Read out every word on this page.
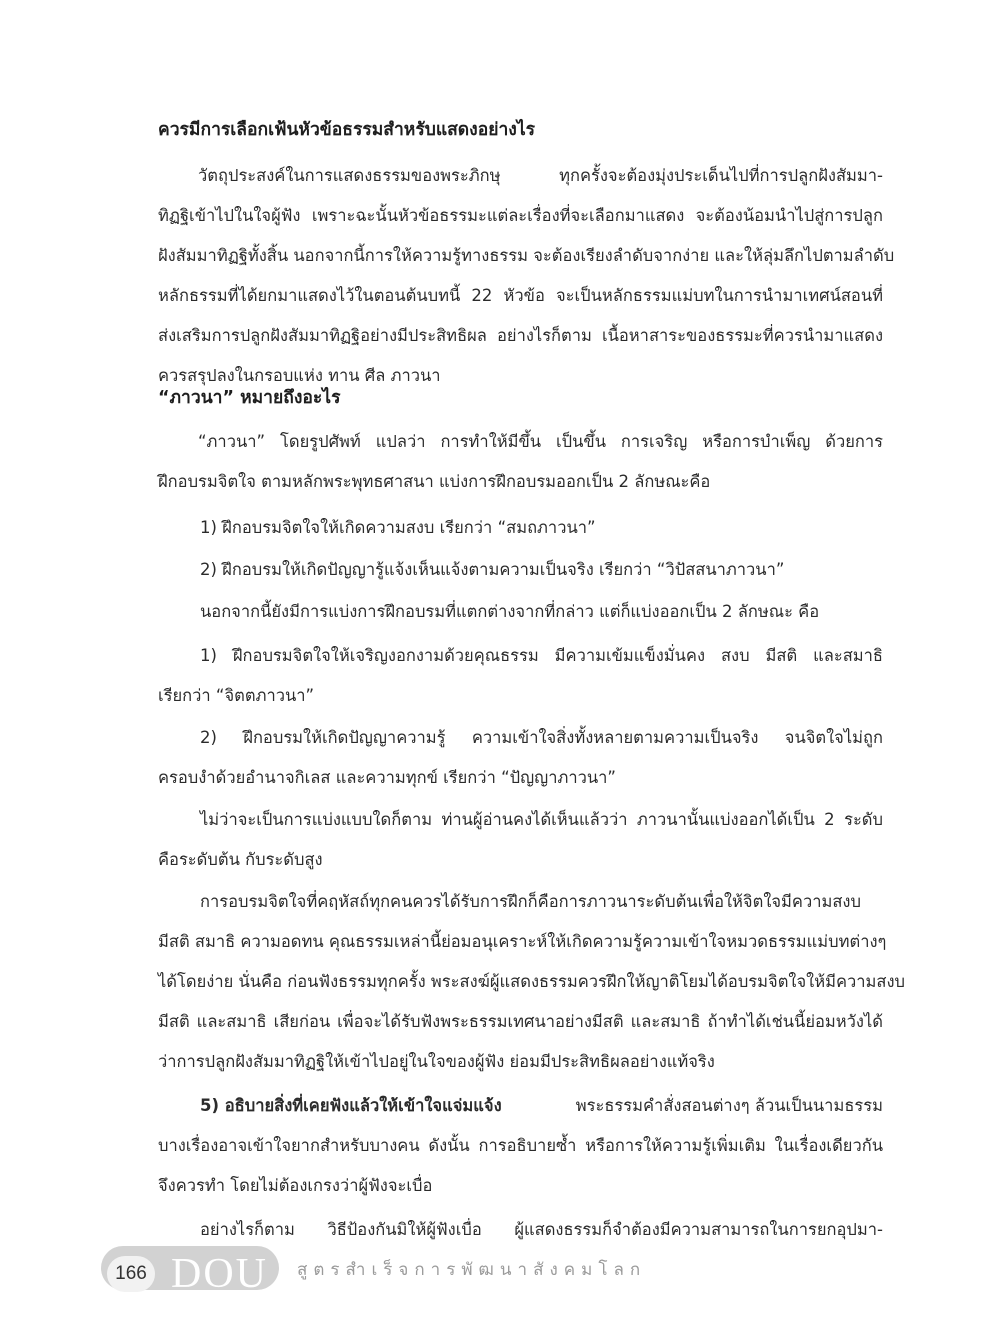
ควรมีการเลือกเฟ้นหัวข้อธรรมสำหรับแสดงอย่างไร
วัตถุประสงค์ในการแสดงธรรมของพระภิกษุ ทุกครั้งจะต้องมุ่งประเด็นไปที่การปลูกฝังสัมมา-
ทิฏฐิเข้าไปในใจผู้ฟัง เพราะฉะนั้นหัวข้อธรรมะแต่ละเรื่องที่จะเลือกมาแสดง จะต้องน้อมนำไปสู่การปลูก
ฝังสัมมาทิฏฐิทั้งสิ้น นอกจากนี้การให้ความรู้ทางธรรม จะต้องเรียงลำดับจากง่าย และให้ลุ่มลึกไปตามลำดับ
หลักธรรมที่ได้ยกมาแสดงไว้ในตอนต้นบทนี้ 22 หัวข้อ จะเป็นหลักธรรมแม่บทในการนำมาเทศน์สอนที่
ส่งเสริมการปลูกฝังสัมมาทิฏฐิอย่างมีประสิทธิผล อย่างไรก็ตาม เนื้อหาสาระของธรรมะที่ควรนำมาแสดง
ควรสรุปลงในกรอบแห่ง ทาน ศีล ภาวนา
“ภาวนา” หมายถึงอะไร
“ภาวนา” โดยรูปศัพท์ แปลว่า การทำให้มีขึ้น เป็นขึ้น การเจริญ หรือการบำเพ็ญ ด้วยการ
ฝึกอบรมจิตใจ ตามหลักพระพุทธศาสนา แบ่งการฝึกอบรมออกเป็น 2 ลักษณะคือ
1) ฝึกอบรมจิตใจให้เกิดความสงบ เรียกว่า “สมถภาวนา”
2) ฝึกอบรมให้เกิดปัญญารู้แจ้งเห็นแจ้งตามความเป็นจริง เรียกว่า “วิปัสสนาภาวนา”
นอกจากนี้ยังมีการแบ่งการฝึกอบรมที่แตกต่างจากที่กล่าว แต่ก็แบ่งออกเป็น 2 ลักษณะ คือ
1) ฝึกอบรมจิตใจให้เจริญงอกงามด้วยคุณธรรม มีความเข้มแข็งมั่นคง สงบ มีสติ และสมาธิ
เรียกว่า “จิตตภาวนา”
2) ฝึกอบรมให้เกิดปัญญาความรู้ ความเข้าใจสิ่งทั้งหลายตามความเป็นจริง จนจิตใจไม่ถูก
ครอบงำด้วยอำนาจกิเลส และความทุกข์ เรียกว่า “ปัญญาภาวนา”
ไม่ว่าจะเป็นการแบ่งแบบใดก็ตาม ท่านผู้อ่านคงได้เห็นแล้วว่า ภาวนานั้นแบ่งออกได้เป็น 2 ระดับ
คือระดับต้น กับระดับสูง
การอบรมจิตใจที่คฤหัสถ์ทุกคนควรได้รับการฝึกก็คือการภาวนาระดับต้นเพื่อให้จิตใจมีความสงบ
มีสติ สมาธิ ความอดทน คุณธรรมเหล่านี้ย่อมอนุเคราะห์ให้เกิดความรู้ความเข้าใจหมวดธรรมแม่บทต่างๆ
ได้โดยง่าย นั่นคือ ก่อนฟังธรรมทุกครั้ง พระสงฆ์ผู้แสดงธรรมควรฝึกให้ญาติโยมได้อบรมจิตใจให้มีความสงบ
มีสติ และสมาธิ เสียก่อน เพื่อจะได้รับฟังพระธรรมเทศนาอย่างมีสติ และสมาธิ ถ้าทำได้เช่นนี้ย่อมหวังได้
ว่าการปลูกฝังสัมมาทิฏฐิให้เข้าไปอยู่ในใจของผู้ฟัง ย่อมมีประสิทธิผลอย่างแท้จริง
5) อธิบายสิ่งที่เคยฟังแล้วให้เข้าใจแจ่มแจ้ง	พระธรรมคำสั่งสอนต่างๆ ล้วนเป็นนามธรรม
บางเรื่องอาจเข้าใจยากสำหรับบางคน ดังนั้น การอธิบายซ้ำ หรือการให้ความรู้เพิ่มเติม ในเรื่องเดียวกัน
จึงควรทำ โดยไม่ต้องเกรงว่าผู้ฟังจะเบื่อ
อย่างไรก็ตาม วิธีป้องกันมิให้ผู้ฟังเบื่อ ผู้แสดงธรรมก็จำต้องมีความสามารถในการยกอุปมา-
166 DOU สูตรสำเร็จการพัฒนาสังคมโลก
